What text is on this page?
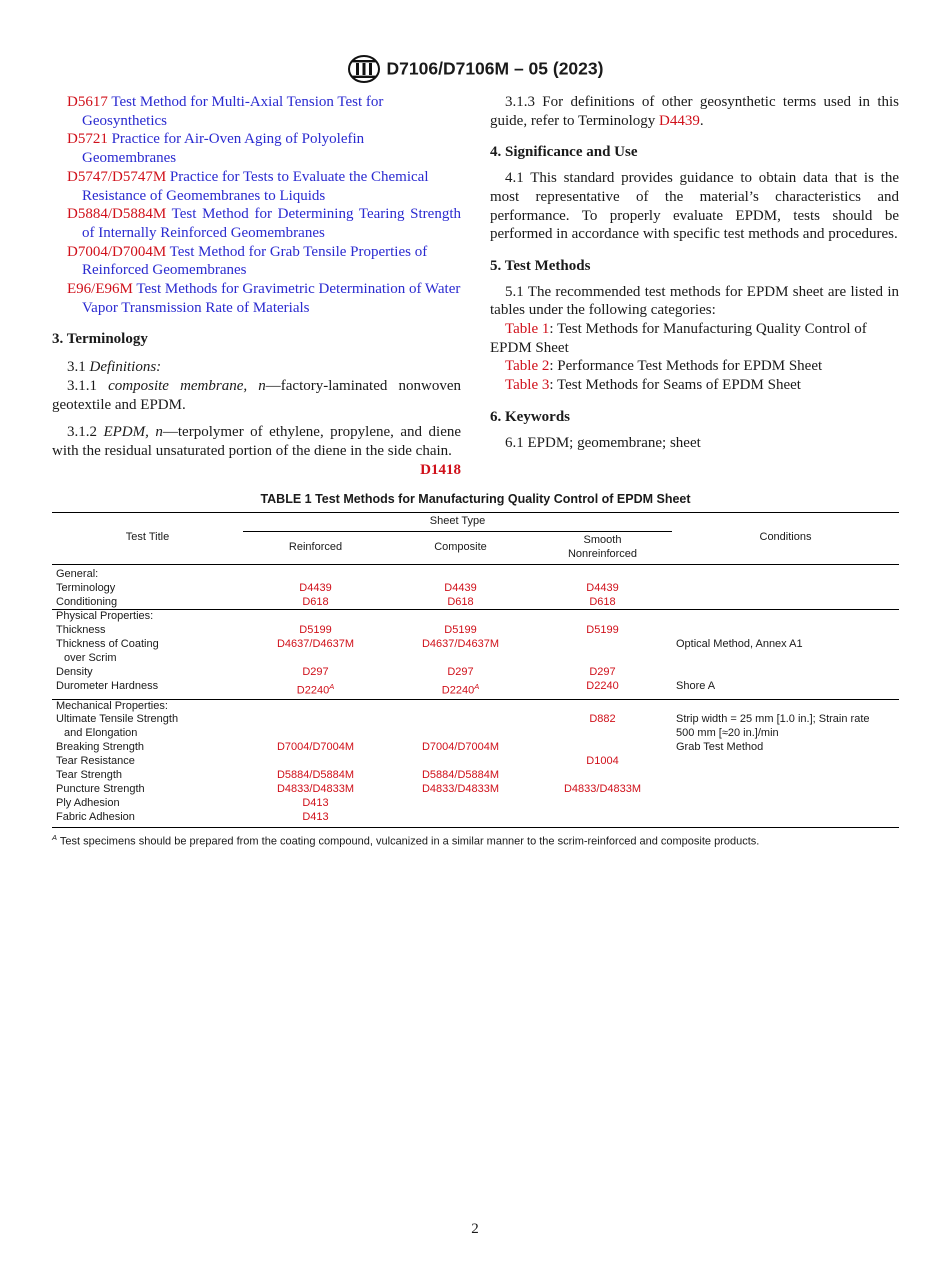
D7106/D7106M – 05 (2023)

D5617 Test Method for Multi-Axial Tension Test for Geosynthetics

D5721 Practice for Air-Oven Aging of Polyolefin Geomembranes

D5747/D5747M Practice for Tests to Evaluate the Chemical Resistance of Geomembranes to Liquids

D5884/D5884M Test Method for Determining Tearing Strength of Internally Reinforced Geomembranes

D7004/D7004M Test Method for Grab Tensile Properties of Reinforced Geomembranes

E96/E96M Test Methods for Gravimetric Determination of Water Vapor Transmission Rate of Materials

3. Terminology

3.1 Definitions:

3.1.1 composite membrane, n—factory-laminated nonwoven geotextile and EPDM.

3.1.2 EPDM, n—terpolymer of ethylene, propylene, and diene with the residual unsaturated portion of the diene in the side chain.
D1418

3.1.3 For definitions of other geosynthetic terms used in this guide, refer to Terminology D4439.

4. Significance and Use

4.1 This standard provides guidance to obtain data that is the most representative of the material’s characteristics and performance. To properly evaluate EPDM, tests should be performed in accordance with specific test methods and procedures.

5. Test Methods

5.1 The recommended test methods for EPDM sheet are listed in tables under the following categories:

Table 1: Test Methods for Manufacturing Quality Control of EPDM Sheet

Table 2: Performance Test Methods for EPDM Sheet

Table 3: Test Methods for Seams of EPDM Sheet

6. Keywords

6.1 EPDM; geomembrane; sheet

TABLE 1 Test Methods for Manufacturing Quality Control of EPDM Sheet
Test Title	Sheet Type			Conditions
	Reinforced	Composite	Smooth
Nonreinforced	
General:				
Terminology	D4439	D4439	D4439	
Conditioning	D618	D618	D618	
Physical Properties:				
Thickness	D5199	D5199	D5199	
Thickness of Coating	D4637/D4637M	D4637/D4637M		Optical Method, Annex A1
over Scrim				
Density	D297	D297	D297	
Durometer Hardness	$D2240^A$	$D2240^A$	D2240	Shore A
Mechanical Properties:				
Ultimate Tensile Strength			D882	Strip width = 25 mm [1.0 in.]; Strain rate
and Elongation				500 mm [≈20 in.]/min
Breaking Strength	D7004/D7004M	D7004/D7004M		Grab Test Method
Tear Resistance			D1004	
Tear Strength	D5884/D5884M	D5884/D5884M		
Puncture Strength	D4833/D4833M	D4833/D4833M	D4833/D4833M	
Ply Adhesion	D413			
Fabric Adhesion	D413			
$^A$ Test specimens should be prepared from the coating compound, vulcanized in a similar manner to the scrim-reinforced and composite products.
2
